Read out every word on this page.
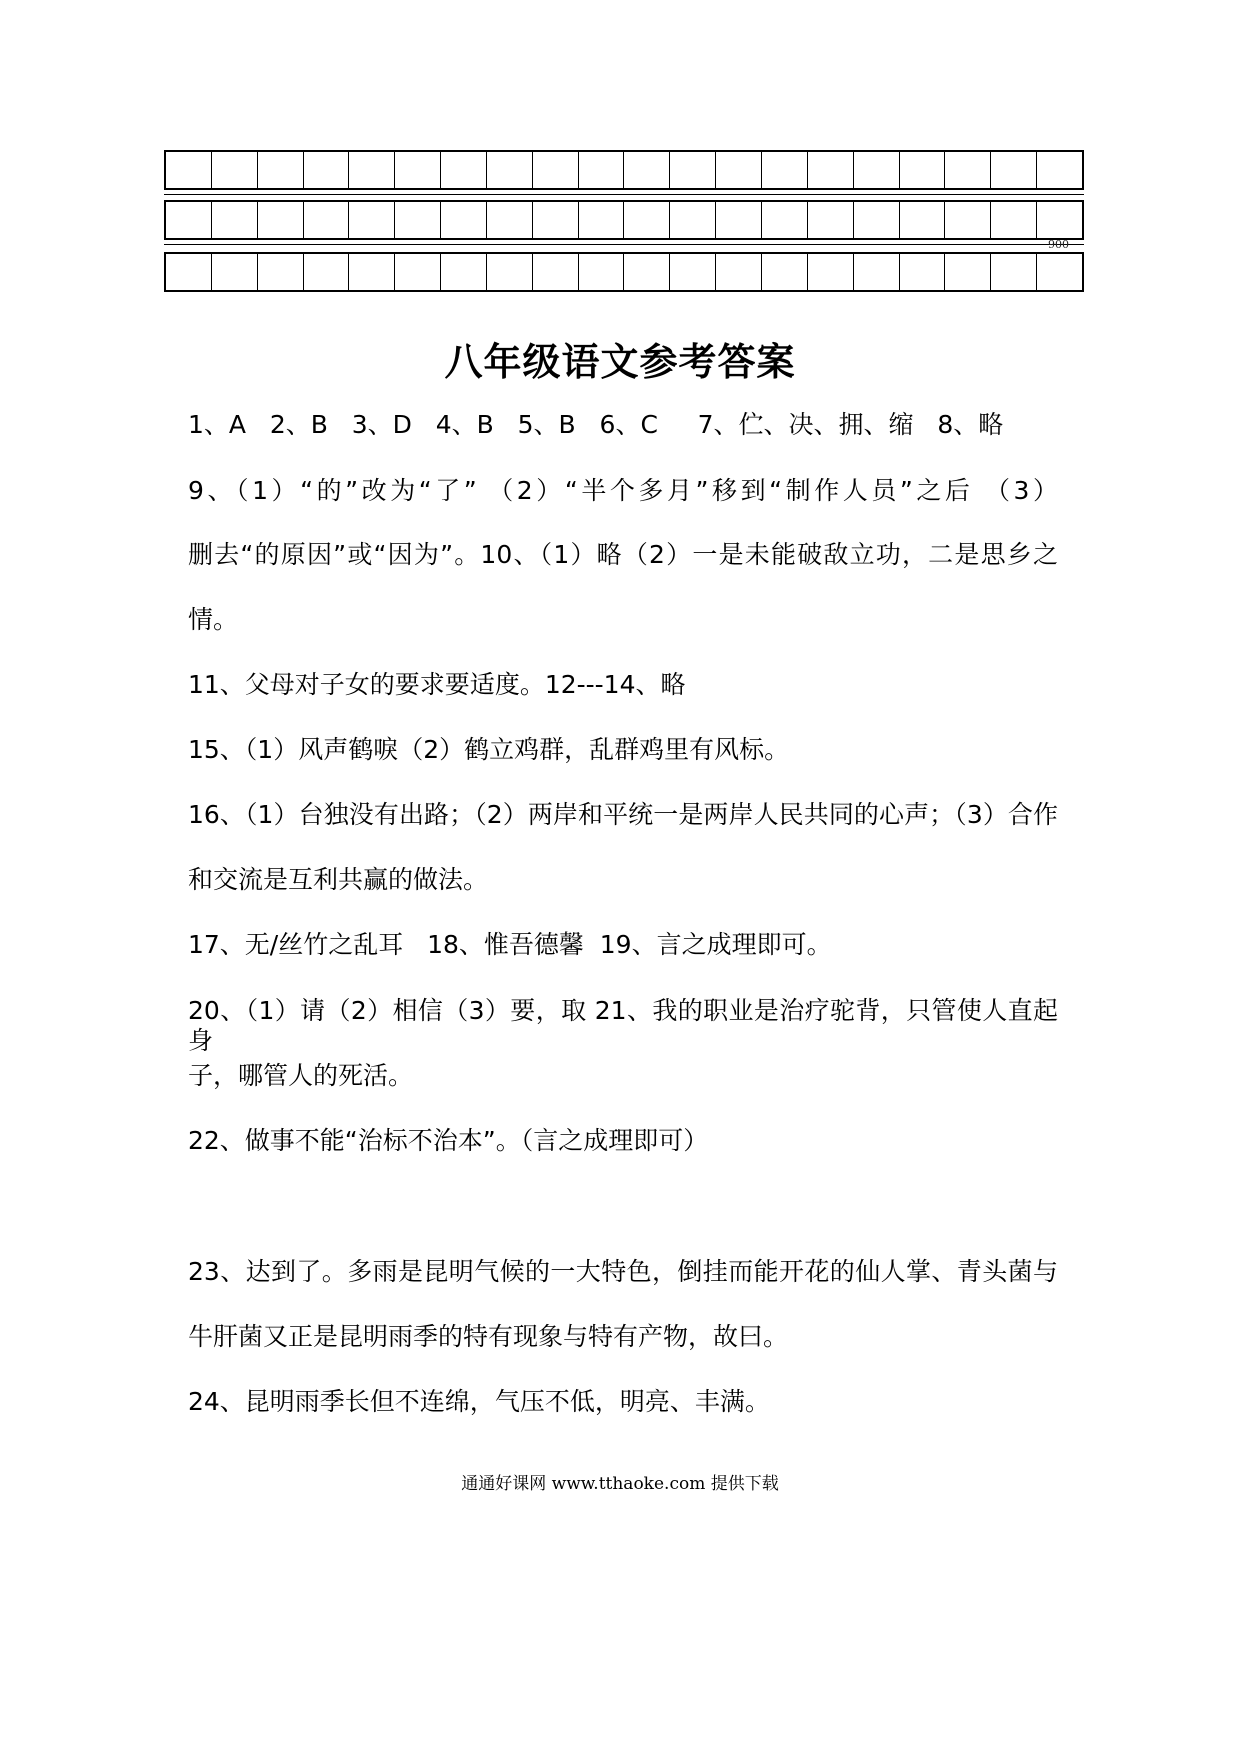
900
八年级语文参考答案
1、A   2、B   3、D   4、B   5、B   6、C     7、伫、决、拥、缩   8、略
9、（1）“的”改为“了” （2）“半个多月”移到“制作人员”之后 （3）
删去“的原因”或“因为”。10、（1）略（2）一是未能破敌立功，二是思乡之
情。
11、父母对子女的要求要适度。12---14、略
15、（1）风声鹤唳（2）鹤立鸡群，乱群鸡里有风标。
16、（1）台独没有出路；（2）两岸和平统一是两岸人民共同的心声；（3）合作
和交流是互利共赢的做法。
17、无/丝竹之乱耳   18、惟吾德馨  19、言之成理即可。
20、（1）请（2）相信（3）要，取 21、我的职业是治疗驼背，只管使人直起身
子，哪管人的死活。
22、做事不能“治标不治本”。（言之成理即可）
23、达到了。多雨是昆明气候的一大特色，倒挂而能开花的仙人掌、青头菌与
牛肝菌又正是昆明雨季的特有现象与特有产物，故曰。
24、昆明雨季长但不连绵，气压不低，明亮、丰满。
通通好课网 www.tthaoke.com 提供下载
